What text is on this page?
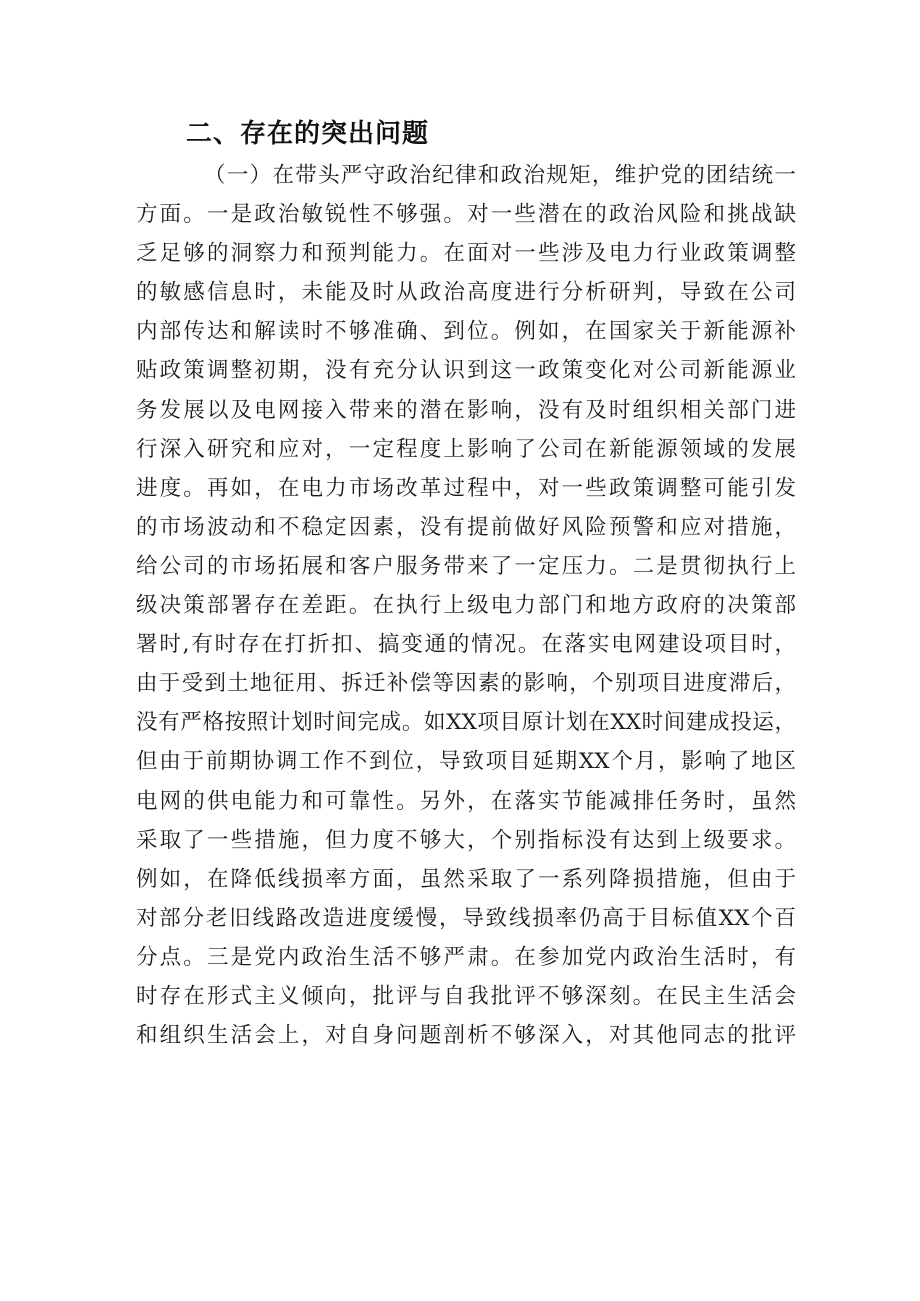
二、存在的突出问题
（一）在带头严守政治纪律和政治规矩，维护党的团结统一
方面。一是政治敏锐性不够强。对一些潜在的政治风险和挑战缺
乏足够的洞察力和预判能力。在面对一些涉及电力行业政策调整
的敏感信息时，未能及时从政治高度进行分析研判，导致在公司
内部传达和解读时不够准确、到位。例如，在国家关于新能源补
贴政策调整初期，没有充分认识到这一政策变化对公司新能源业
务发展以及电网接入带来的潜在影响，没有及时组织相关部门进
行深入研究和应对，一定程度上影响了公司在新能源领域的发展
进度。再如，在电力市场改革过程中，对一些政策调整可能引发
的市场波动和不稳定因素，没有提前做好风险预警和应对措施，
给公司的市场拓展和客户服务带来了一定压力。二是贯彻执行上
级决策部署存在差距。在执行上级电力部门和地方政府的决策部
署时,有时存在打折扣、搞变通的情况。在落实电网建设项目时，
由于受到土地征用、拆迁补偿等因素的影响，个别项目进度滞后，
没有严格按照计划时间完成。如XX项目原计划在XX时间建成投运，
但由于前期协调工作不到位，导致项目延期XX个月，影响了地区
电网的供电能力和可靠性。另外，在落实节能减排任务时，虽然
采取了一些措施，但力度不够大，个别指标没有达到上级要求。
例如，在降低线损率方面，虽然采取了一系列降损措施，但由于
对部分老旧线路改造进度缓慢，导致线损率仍高于目标值XX个百
分点。三是党内政治生活不够严肃。在参加党内政治生活时，有
时存在形式主义倾向，批评与自我批评不够深刻。在民主生活会
和组织生活会上，对自身问题剖析不够深入，对其他同志的批评
